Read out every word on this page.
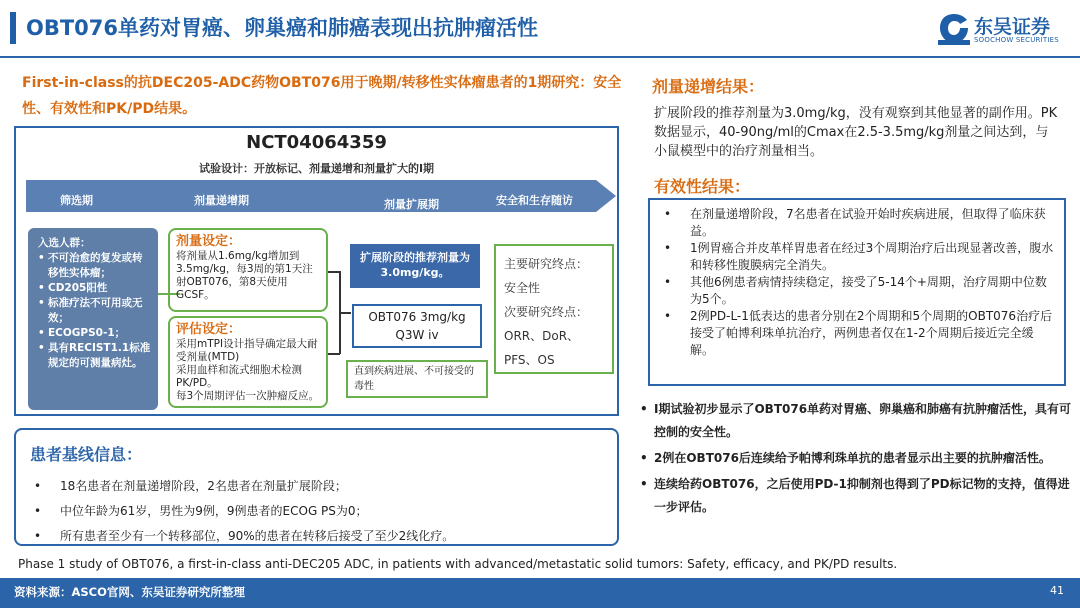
OBT076单药对胃癌、卵巢癌和肺癌表现出抗肿瘤活性	东吴证券
SOOCHOW SECURITIES
First-in-class的抗DEC205-ADC药物OBT076用于晚期/转移性实体瘤患者的1期研究：安全性、有效性和PK/PD结果。
NCT04064359
试验设计：开放标记、剂量递增和剂量扩大的I期
筛选期	剂量递增期	剂量扩展期	安全和生存随访
入选人群：
• 不可治愈的复发或转移性实体瘤；
• CD205阳性
• 标准疗法不可用或无效；
• ECOGPS0-1；
• 具有RECIST1.1标准规定的可测量病灶。
剂量设定：
将剂量从1.6mg/kg增加到3.5mg/kg，每3周的第1天注射OBT076，第8天使用GCSF。
评估设定：
采用mTPI设计指导确定最大耐受剂量(MTD)
采用血样和流式细胞术检测PK/PD。
每3个周期评估一次肿瘤反应。
扩展阶段的推荐剂量为3.0mg/kg。
OBT076 3mg/kg
Q3W iv
直到疾病进展、不可接受的毒性
主要研究终点：
安全性
次要研究终点：
ORR、DoR、
PFS、OS
患者基线信息：
• 18名患者在剂量递增阶段，2名患者在剂量扩展阶段；
• 中位年龄为61岁，男性为9例，9例患者的ECOG PS为0；
• 所有患者至少有一个转移部位，90%的患者在转移后接受了至少2线化疗。
剂量递增结果：
扩展阶段的推荐剂量为3.0mg/kg，没有观察到其他显著的副作用。PK数据显示，40-90ng/ml的Cmax在2.5-3.5mg/kg剂量之间达到，与小鼠模型中的治疗剂量相当。
有效性结果：
• 在剂量递增阶段，7名患者在试验开始时疾病进展，但取得了临床获益。
• 1例胃癌合并皮革样胃患者在经过3个周期治疗后出现显著改善，腹水和转移性腹膜病完全消失。
• 其他6例患者病情持续稳定，接受了5-14个+周期，治疗周期中位数为5个。
• 2例PD-L-1低表达的患者分别在2个周期和5个周期的OBT076治疗后接受了帕博利珠单抗治疗，两例患者仅在1-2个周期后接近完全缓解。
• I期试验初步显示了OBT076单药对胃癌、卵巢癌和肺癌有抗肿瘤活性，具有可控制的安全性。
• 2例在OBT076后连续给予帕博利珠单抗的患者显示出主要的抗肿瘤活性。
• 连续给药OBT076，之后使用PD-1抑制剂也得到了PD标记物的支持，值得进一步评估。
Phase 1 study of OBT076, a first-in-class anti-DEC205 ADC, in patients with advanced/metastatic solid tumors: Safety, efficacy, and PK/PD results.
资料来源：ASCO官网、东吴证券研究所整理	41
